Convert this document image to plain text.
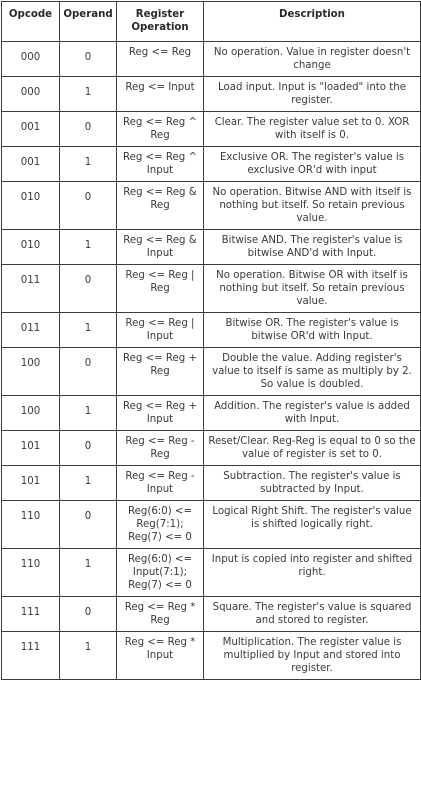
Opcode	Operand	Register Operation	Description
000	0	Reg <= Reg	No operation. Value in register doesn't change
000	1	Reg <= Input	Load input. Input is "loaded" into the register.
001	0	Reg <= Reg ^ Reg	Clear. The register value set to 0. XOR with itself is 0.
001	1	Reg <= Reg ^ Input	Exclusive OR. The register's value is exclusive OR'd with input
010	0	Reg <= Reg & Reg	No operation. Bitwise AND with itself is nothing but itself. So retain previous value.
010	1	Reg <= Reg & Input	Bitwise AND. The register's value is bitwise AND'd with Input.
011	0	Reg <= Reg | Reg	No operation. Bitwise OR with itself is nothing but itself. So retain previous value.
011	1	Reg <= Reg | Input	Bitwise OR. The register's value is bitwise OR'd with Input.
100	0	Reg <= Reg + Reg	Double the value. Adding register's value to itself is same as multiply by 2. So value is doubled.
100	1	Reg <= Reg + Input	Addition. The register's value is added with Input.
101	0	Reg <= Reg - Reg	Reset/Clear. Reg-Reg is equal to 0 so the value of register is set to 0.
101	1	Reg <= Reg - Input	Subtraction. The register's value is subtracted by Input.
110	0	Reg(6:0) <= Reg(7:1); Reg(7) <= 0	Logical Right Shift. The register's value is shifted logically right.
110	1	Reg(6:0) <= Input(7:1); Reg(7) <= 0	Input is copied into register and shifted right.
111	0	Reg <= Reg * Reg	Square. The register's value is squared and stored to register.
111	1	Reg <= Reg * Input	Multiplication. The register value is multiplied by Input and stored into register.
